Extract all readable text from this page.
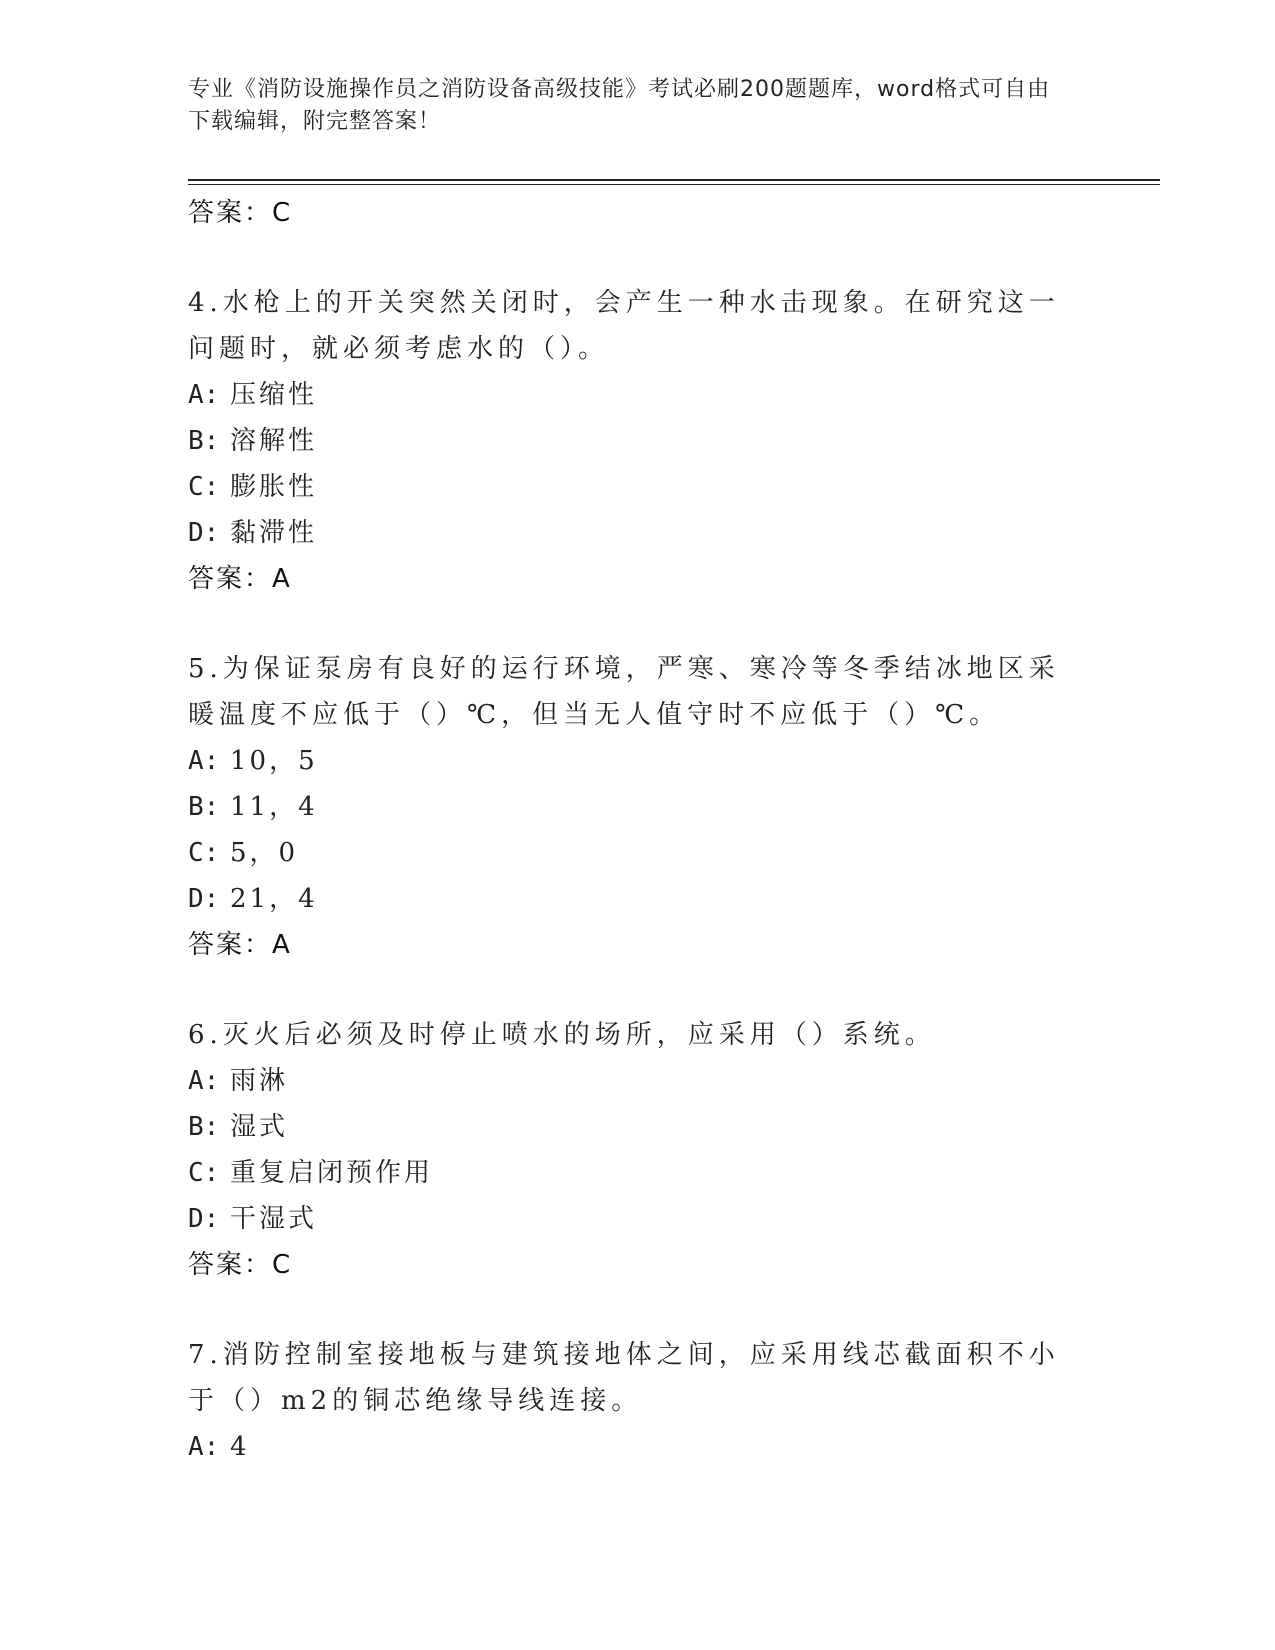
专业《消防设施操作员之消防设备高级技能》考试必刷200题题库，word格式可自由下载编辑，附完整答案！
答案：C
4.水枪上的开关突然关闭时，会产生一种水击现象。在研究这一问题时，就必须考虑水的（）。
A: 压缩性
B: 溶解性
C: 膨胀性
D: 黏滞性
答案：A
5.为保证泵房有良好的运行环境，严寒、寒冷等冬季结冰地区采暖温度不应低于（）℃，但当无人值守时不应低于（）℃。
A: 10，5
B: 11，4
C: 5，0
D: 21，4
答案：A
6.灭火后必须及时停止喷水的场所，应采用（）系统。
A: 雨淋
B: 湿式
C: 重复启闭预作用
D: 干湿式
答案：C
7.消防控制室接地板与建筑接地体之间，应采用线芯截面积不小于（）m2的铜芯绝缘导线连接。
A: 4
